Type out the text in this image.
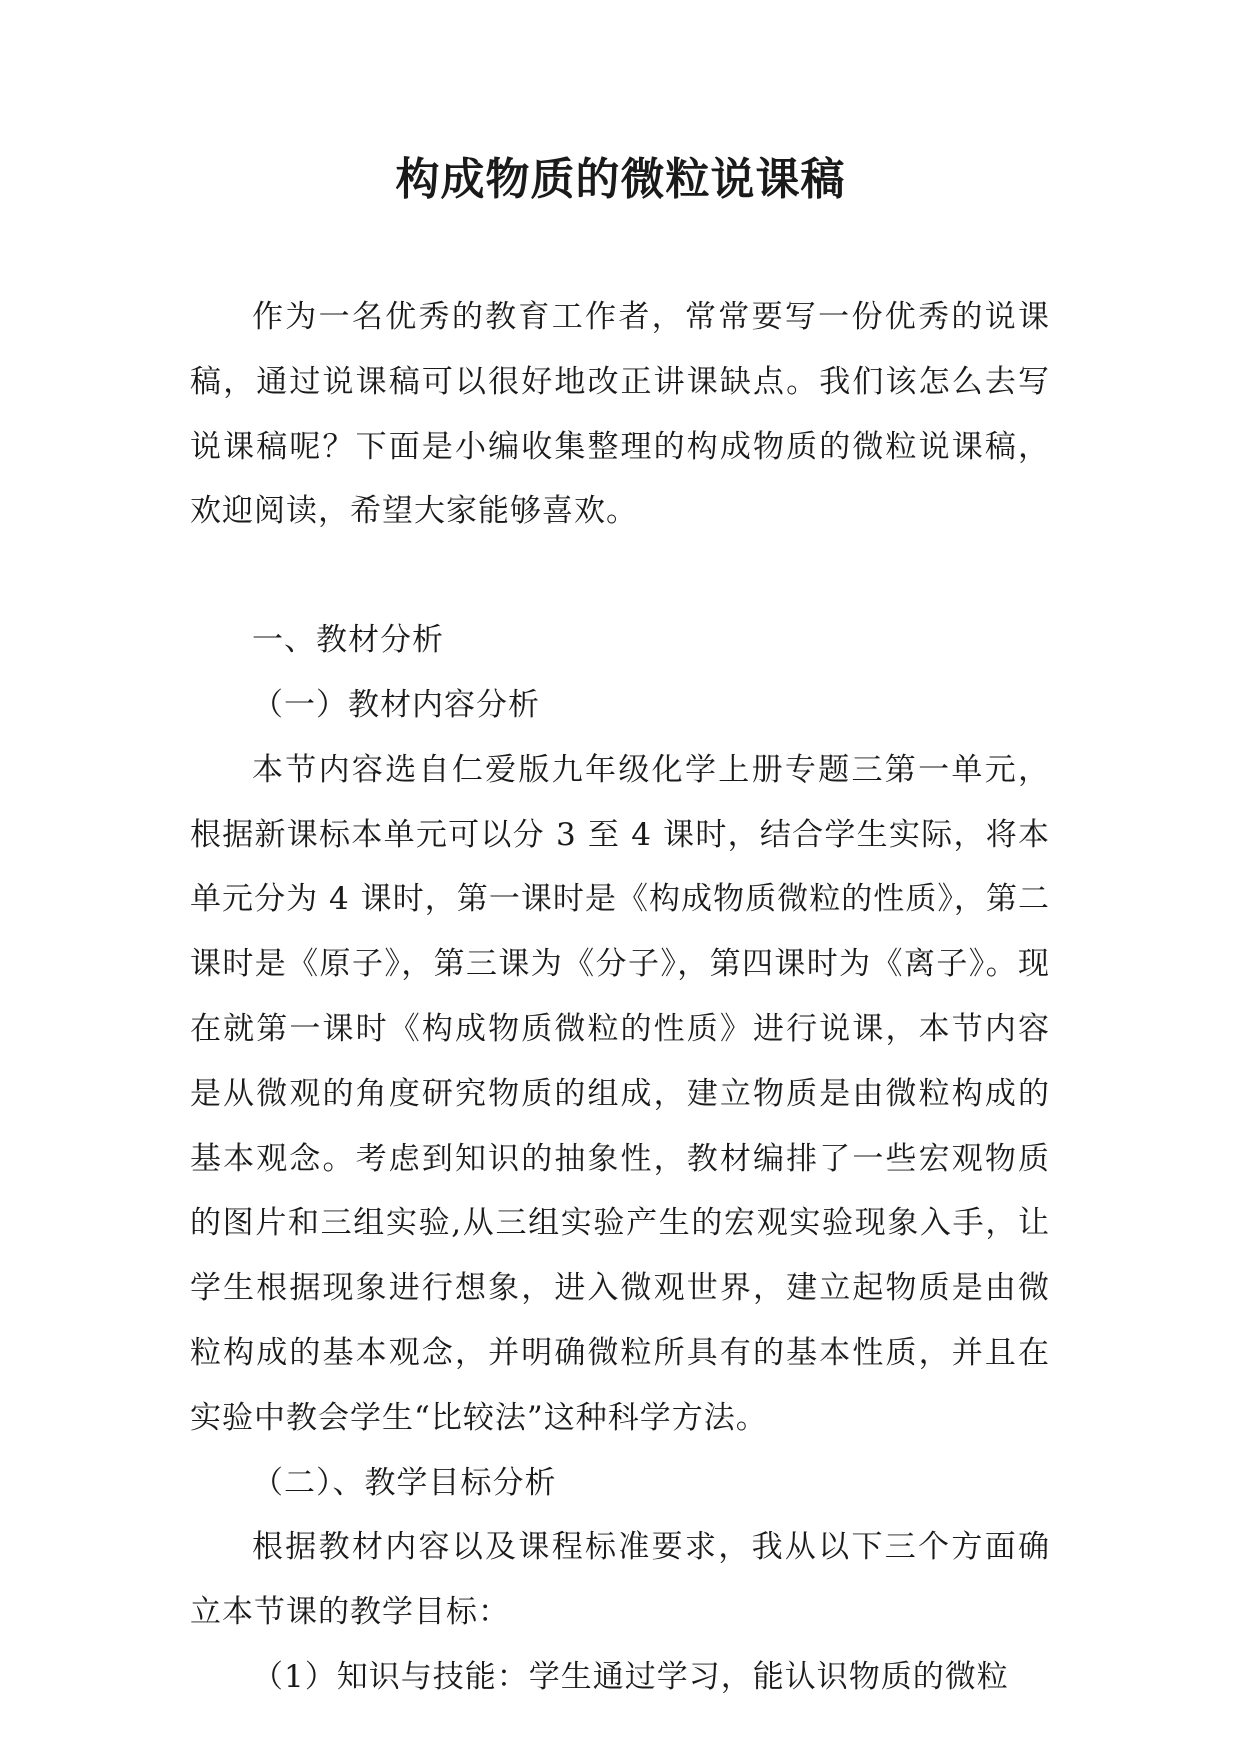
构成物质的微粒说课稿

作为一名优秀的教育工作者，常常要写一份优秀的说课稿，通过说课稿可以很好地改正讲课缺点。我们该怎么去写说课稿呢？下面是小编收集整理的构成物质的微粒说课稿，欢迎阅读，希望大家能够喜欢。

一、教材分析

（一）教材内容分析

本节内容选自仁爱版九年级化学上册专题三第一单元，根据新课标本单元可以分 3 至 4 课时，结合学生实际，将本单元分为 4 课时，第一课时是《构成物质微粒的性质》，第二课时是《原子》，第三课为《分子》，第四课时为《离子》。现在就第一课时《构成物质微粒的性质》进行说课，本节内容是从微观的角度研究物质的组成，建立物质是由微粒构成的基本观念。考虑到知识的抽象性，教材编排了一些宏观物质的图片和三组实验,从三组实验产生的宏观实验现象入手，让学生根据现象进行想象，进入微观世界，建立起物质是由微粒构成的基本观念，并明确微粒所具有的基本性质，并且在实验中教会学生“比较法”这种科学方法。

（二）、教学目标分析

根据教材内容以及课程标准要求，我从以下三个方面确立本节课的教学目标：

（1）知识与技能：学生通过学习，能认识物质的微粒
